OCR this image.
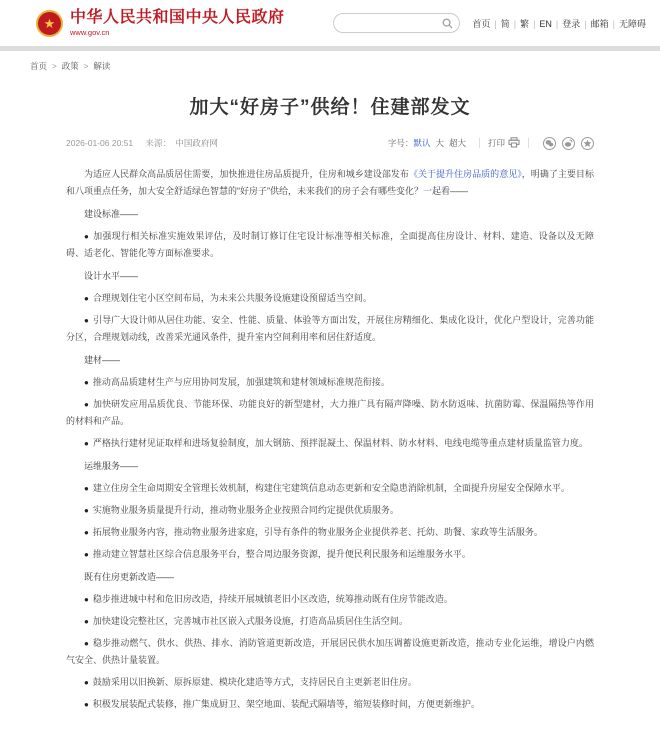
★ 中华人民共和国中央人民政府
www.gov.cn
首页 | 简 | 繁 | EN | 登录 | 邮箱 | 无障碍
首页 > 政策 > 解读
加大“好房子”供给！住建部发文
2026-01-06 20:51 来源： 中国政府网	字号： 默认 大 超大	打印

为适应人民群众高品质居住需要，加快推进住房品质提升，住房和城乡建设部发布《关于提升住房品质的意见》，明确了主要目标和八项重点任务，加大安全舒适绿色智慧的“好房子”供给，未来我们的房子会有哪些变化？一起看——

建设标准——

● 加强现行相关标准实施效果评估，及时制订修订住宅设计标准等相关标准，全面提高住房设计、材料、建造、设备以及无障碍、适老化、智能化等方面标准要求。

设计水平——

● 合理规划住宅小区空间布局，为未来公共服务设施建设预留适当空间。

● 引导广大设计师从居住功能、安全、性能、质量、体验等方面出发，开展住房精细化、集成化设计，优化户型设计，完善功能分区，合理规划动线，改善采光通风条件，提升室内空间利用率和居住舒适度。

建材——

● 推动高品质建材生产与应用协同发展，加强建筑和建材领域标准规范衔接。

● 加快研发应用品质优良、节能环保、功能良好的新型建材，大力推广具有隔声降噪、防水防返味、抗菌防霉、保温隔热等作用的材料和产品。

● 严格执行建材见证取样和进场复验制度，加大钢筋、预拌混凝土、保温材料、防水材料、电线电缆等重点建材质量监管力度。

运维服务——

● 建立住房全生命周期安全管理长效机制，构建住宅建筑信息动态更新和安全隐患消除机制，全面提升房屋安全保障水平。

● 实施物业服务质量提升行动，推动物业服务企业按照合同约定提供优质服务。

● 拓展物业服务内容，推动物业服务进家庭，引导有条件的物业服务企业提供养老、托幼、助餐、家政等生活服务。

● 推动建立智慧社区综合信息服务平台，整合周边服务资源，提升便民利民服务和运维服务水平。

既有住房更新改造——

● 稳步推进城中村和危旧房改造，持续开展城镇老旧小区改造，统筹推动既有住房节能改造。

● 加快建设完整社区，完善城市社区嵌入式服务设施，打造高品质居住生活空间。

● 稳步推动燃气、供水、供热、排水、消防管道更新改造，开展居民供水加压调蓄设施更新改造，推动专业化运维，增设户内燃气安全、供热计量装置。

● 鼓励采用以旧换新、原拆原建、模块化建造等方式，支持居民自主更新老旧住房。

● 积极发展装配式装修，推广集成厨卫、架空地面、装配式隔墙等，缩短装修时间，方便更新维护。
